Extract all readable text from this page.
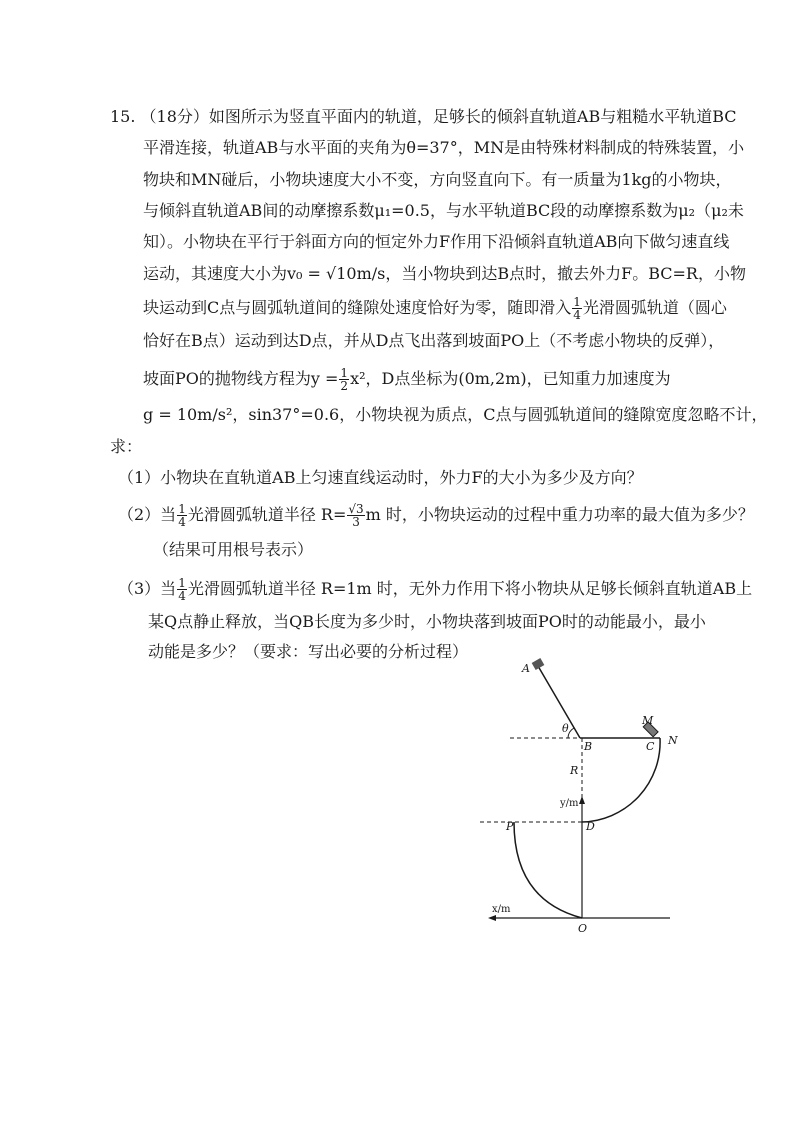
15. （18分）如图所示为竖直平面内的轨道，足够长的倾斜直轨道AB与粗糙水平轨道BC
平滑连接，轨道AB与水平面的夹角为θ=37°，MN是由特殊材料制成的特殊装置，小
物块和MN碰后，小物块速度大小不变，方向竖直向下。有一质量为1kg的小物块，
与倾斜直轨道AB间的动摩擦系数μ₁=0.5，与水平轨道BC段的动摩擦系数为μ₂（μ₂未
知）。小物块在平行于斜面方向的恒定外力F作用下沿倾斜直轨道AB向下做匀速直线
运动，其速度大小为v₀ = √10m/s，当小物块到达B点时，撤去外力F。BC=R，小物
块运动到C点与圆弧轨道间的缝隙处速度恰好为零，随即滑入 $\frac{1}{4}$ 光滑圆弧轨道（圆心
恰好在B点）运动到达D点，并从D点飞出落到坡面PO上（不考虑小物块的反弹），
坡面PO的抛物线方程为$y = \frac{1}{2} x^2$，D点坐标为(0m,2m)，已知重力加速度为
g = 10m/s²，sin37°=0.6，小物块视为质点，C点与圆弧轨道间的缝隙宽度忽略不计，
求：
（1）小物块在直轨道AB上匀速直线运动时，外力F的大小为多少及方向？
（2）当 $\frac{1}{4}$ 光滑圆弧轨道半径 $R= \frac{√3}{3}$ m 时，小物块运动的过程中重力功率的最大值为多少？
（结果可用根号表示）
（3）当 $\frac{1}{4}$ 光滑圆弧轨道半径 R=1m 时，无外力作用下将小物块从足够长倾斜直轨道AB上
某Q点静止释放，当QB长度为多少时，小物块落到坡面PO时的动能最小，最小
动能是多少？（要求：写出必要的分析过程）
A
θ
B	C
M
N
R
y/m
D
P
x/m
O
